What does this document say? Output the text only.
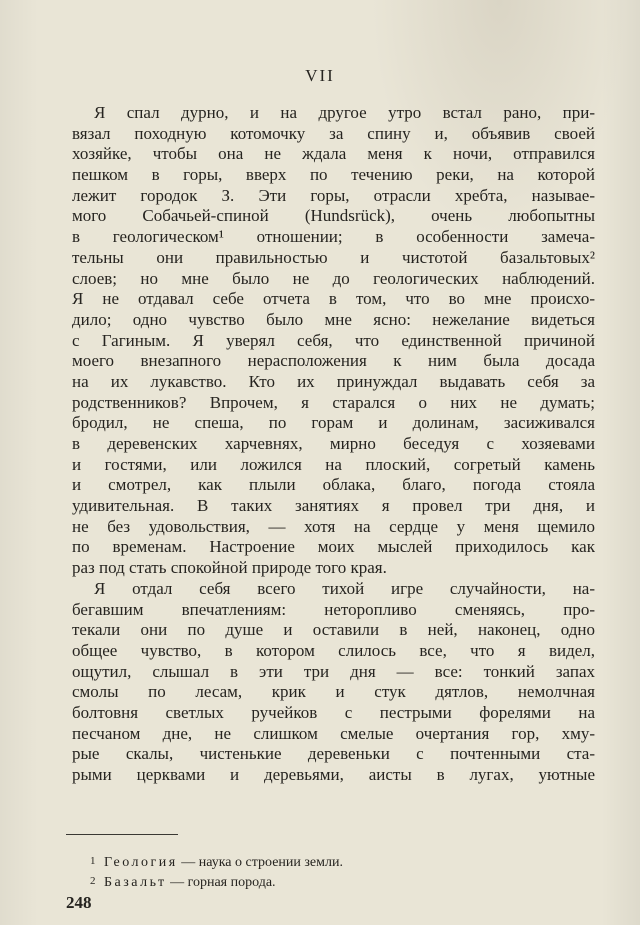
VII
Я спал дурно, и на другое утро встал рано, при-
вязал походную котомочку за спину и, объявив своей
хозяйке, чтобы она не ждала меня к ночи, отправился
пешком в горы, вверх по течению реки, на которой
лежит городок З. Эти горы, отрасли хребта, называе-
мого Собачьей-спиной (Hundsrück), очень любопытны
в геологическом¹ отношении; в особенности замеча-
тельны они правильностью и чистотой базальтовых²
слоев; но мне было не до геологических наблюдений.
Я не отдавал себе отчета в том, что во мне происхо-
дило; одно чувство было мне ясно: нежелание видеться
с Гагиным. Я уверял себя, что единственной причиной
моего внезапного нерасположения к ним была досада
на их лукавство. Кто их принуждал выдавать себя за
родственников? Впрочем, я старался о них не думать;
бродил, не спеша, по горам и долинам, засиживался
в деревенских харчевнях, мирно беседуя с хозяевами
и гостями, или ложился на плоский, согретый камень
и смотрел, как плыли облака, благо, погода стояла
удивительная. В таких занятиях я провел три дня, и
не без удовольствия, — хотя на сердце у меня щемило
по временам. Настроение моих мыслей приходилось как
раз под стать спокойной природе того края.
Я отдал себя всего тихой игре случайности, на-
бегавшим впечатлениям: неторопливо сменяясь, про-
текали они по душе и оставили в ней, наконец, одно
общее чувство, в котором слилось все, что я видел,
ощутил, слышал в эти три дня — все: тонкий запах
смолы по лесам, крик и стук дятлов, немолчная
болтовня светлых ручейков с пестрыми форелями на
песчаном дне, не слишком смелые очертания гор, хму-
рые скалы, чистенькие деревеньки с почтенными ста-
рыми церквами и деревьями, аисты в лугах, уютные
1 Геология — наука о строении земли.
2 Базальт — горная порода.
248
